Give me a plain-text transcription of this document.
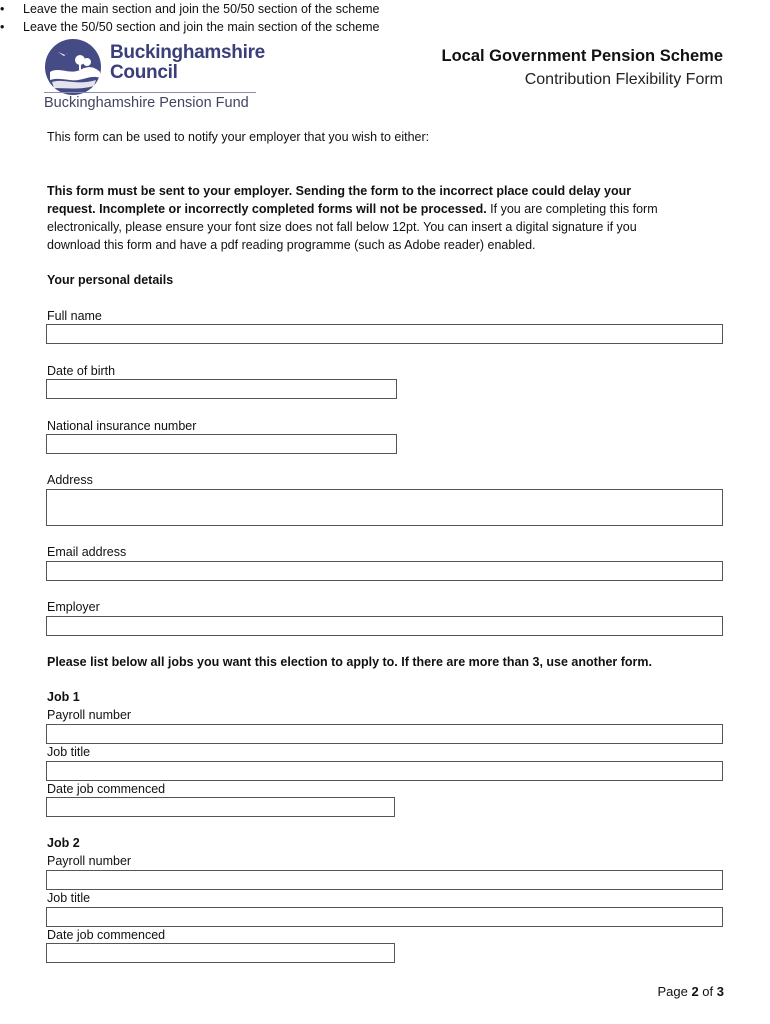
Buckinghamshire
Council
Buckinghamshire Pension Fund
Local Government Pension Scheme
Contribution Flexibility Form
This form can be used to notify your employer that you wish to either:
• Leave the main section and join the 50/50 section of the scheme
• Leave the 50/50 section and join the main section of the scheme
This form must be sent to your employer. Sending the form to the incorrect place could delay your
request. Incomplete or incorrectly completed forms will not be processed. If you are completing this form
electronically, please ensure your font size does not fall below 12pt. You can insert a digital signature if you
download this form and have a pdf reading programme (such as Adobe reader) enabled.
Your personal details
Full name
Date of birth
National insurance number
Address
Email address
Employer
Please list below all jobs you want this election to apply to. If there are more than 3, use another form.
Job 1
Payroll number
Job title
Date job commenced
Job 2
Payroll number
Job title
Date job commenced
Page 2 of 3
